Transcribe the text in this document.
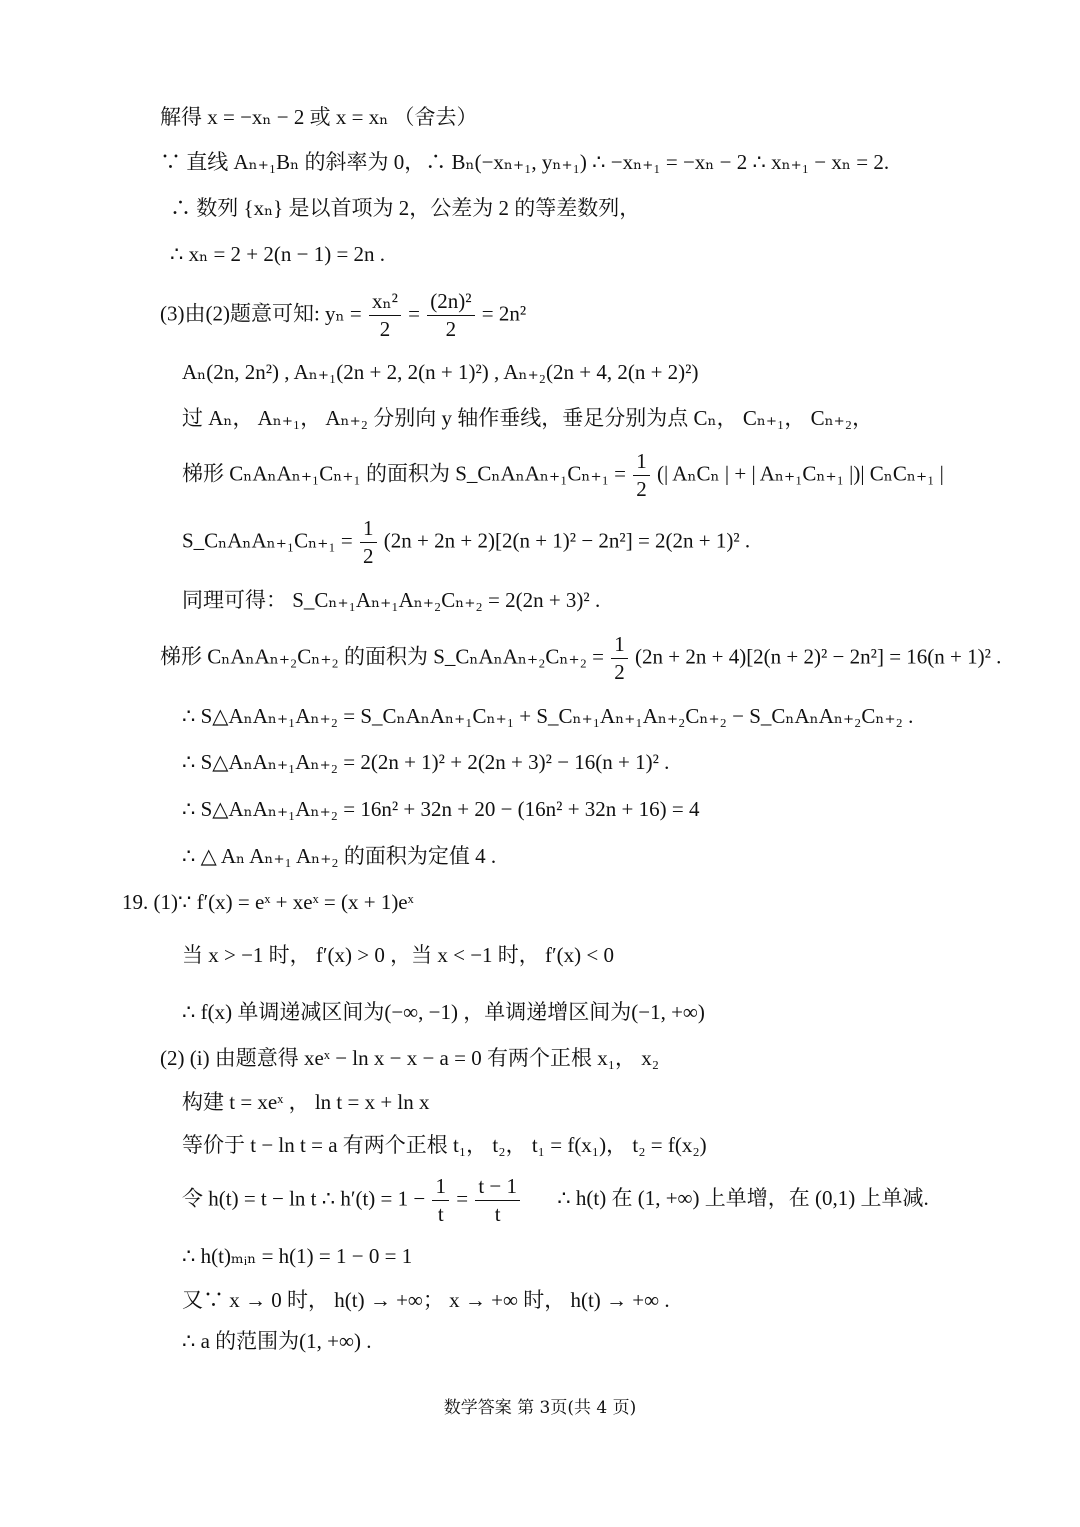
解得 x = −xₙ − 2 或 x = xₙ （舍去）
∵ 直线 Aₙ₊₁Bₙ 的斜率为 0，∴ Bₙ(−xₙ₊₁, yₙ₊₁) ∴ −xₙ₊₁ = −xₙ − 2 ∴ xₙ₊₁ − xₙ = 2.
∴ 数列 {xₙ} 是以首项为 2，公差为 2 的等差数列，
∴ xₙ = 2 + 2(n − 1) = 2n .
(3)由(2)题意可知: $y_n = \frac{\text{xₙ²}}{2} = \frac{\text{(2n)²}}{2} = 2n^2$
Aₙ(2n, 2n²) , Aₙ₊₁(2n + 2, 2(n + 1)²) , Aₙ₊₂(2n + 4, 2(n + 2)²)
过 Aₙ， Aₙ₊₁， Aₙ₊₂ 分别向 y 轴作垂线，垂足分别为点 Cₙ， Cₙ₊₁， Cₙ₊₂，
梯形 CₙAₙAₙ₊₁Cₙ₊₁ 的面积为 S_CₙAₙAₙ₊₁Cₙ₊₁ = $\frac{1}{2}$ (| AₙCₙ | + | Aₙ₊₁Cₙ₊₁ |)| CₙCₙ₊₁ |
S_CₙAₙAₙ₊₁Cₙ₊₁ = $\frac{1}{2} (2n + 2n + 2)[2(n + 1)^2 - 2n^2] = 2(2n + 1)^2$ .
同理可得： S_Cₙ₊₁Aₙ₊₁Aₙ₊₂Cₙ₊₂ = 2(2n + 3)² .
梯形 CₙAₙAₙ₊₂Cₙ₊₂ 的面积为 S_CₙAₙAₙ₊₂Cₙ₊₂ = $\frac{1}{2} (2n + 2n + 4)[2(n + 2)^2 - 2n^2] = 16(n + 1)^2$ .
∴ S△AₙAₙ₊₁Aₙ₊₂ = S_CₙAₙAₙ₊₁Cₙ₊₁ + S_Cₙ₊₁Aₙ₊₁Aₙ₊₂Cₙ₊₂ − S_CₙAₙAₙ₊₂Cₙ₊₂ .
∴ S△AₙAₙ₊₁Aₙ₊₂ = 2(2n + 1)² + 2(2n + 3)² − 16(n + 1)² .
∴ S△AₙAₙ₊₁Aₙ₊₂ = 16n² + 32n + 20 − (16n² + 32n + 16) = 4
∴ △ Aₙ Aₙ₊₁ Aₙ₊₂ 的面积为定值 4 .
19. (1)∵ f′(x) = eˣ + xeˣ = (x + 1)eˣ
当 x > −1 时， f′(x) > 0 ，当 x < −1 时， f′(x) < 0
∴ f(x) 单调递减区间为(−∞, −1) ，单调递增区间为(−1, +∞)
(2) (i) 由题意得 xeˣ − ln x − x − a = 0 有两个正根 x₁， x₂
构建 t = xeˣ ， ln t = x + ln x
等价于 t − ln t = a 有两个正根 t₁， t₂， t₁ = f(x₁)， t₂ = f(x₂)
令 h(t) = t − ln t ∴ $h'(t) = 1 - \frac{1}{t} = \frac{t - 1}{t}$ ∴ h(t) 在 (1, +∞) 上单增，在 (0,1) 上单减.
∴ h(t)ₘᵢₙ = h(1) = 1 − 0 = 1
又∵ x → 0 时， h(t) → +∞； x → +∞ 时， h(t) → +∞ .
∴ a 的范围为(1, +∞) .
数学答案 第 3页(共 4 页)
